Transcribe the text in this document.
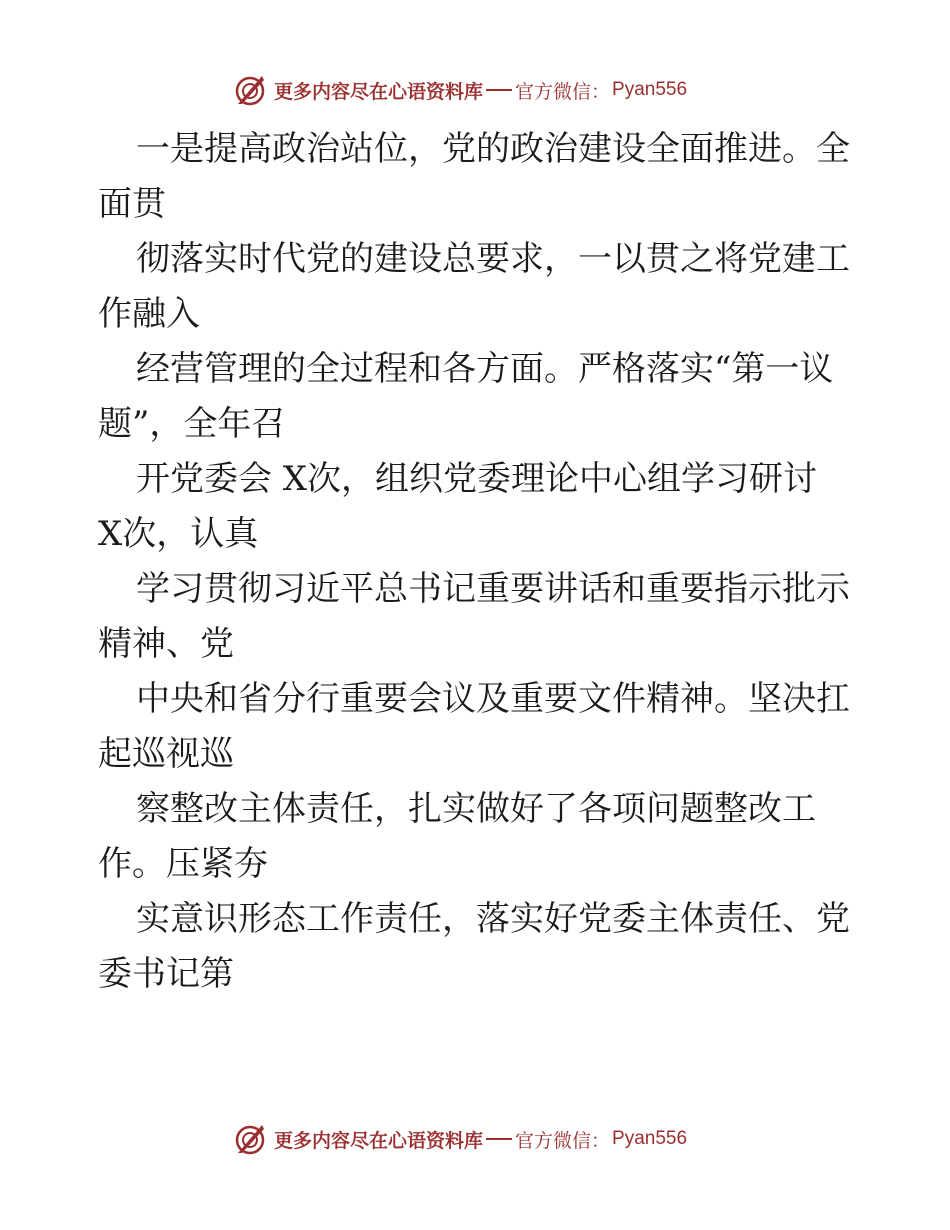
更多内容尽在心语资料库 官方微信： Pyan556
一是提高政治站位，党的政治建设全面推进。全
面贯
彻落实时代党的建设总要求，一以贯之将党建工
作融入
经营管理的全过程和各方面。严格落实“第一议
题”，全年召
开党委会 X次，组织党委理论中心组学习研讨
X次，认真
学习贯彻习近平总书记重要讲话和重要指示批示
精神、党
中央和省分行重要会议及重要文件精神。坚决扛
起巡视巡
察整改主体责任，扎实做好了各项问题整改工
作。压紧夯
实意识形态工作责任，落实好党委主体责任、党
委书记第
更多内容尽在心语资料库 官方微信： Pyan556
